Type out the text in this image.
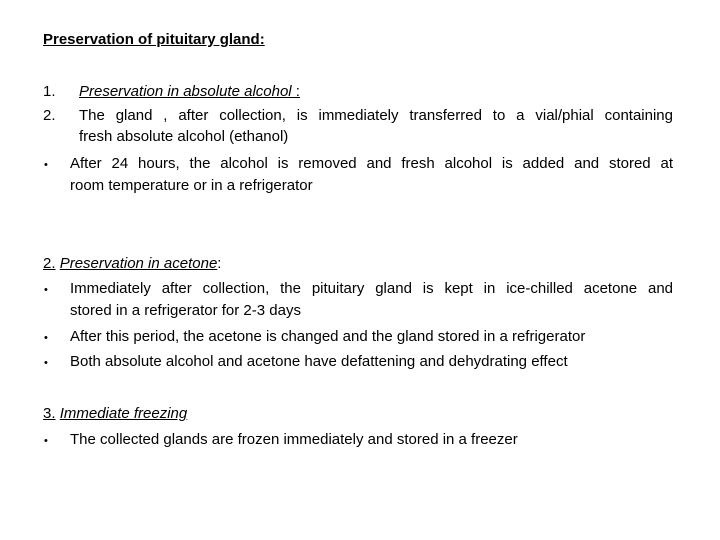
Preservation of pituitary gland:
1. Preservation in absolute alcohol :
2. The gland , after collection, is immediately transferred to a vial/phial containing
fresh absolute alcohol (ethanol)
• After 24 hours, the alcohol is removed and fresh alcohol is added and stored at
room temperature or in a refrigerator
2. Preservation in acetone:
• Immediately after collection, the pituitary gland is kept in ice-chilled acetone and
stored in a refrigerator for 2-3 days
• After this period, the acetone is changed and the gland stored in a refrigerator
• Both absolute alcohol and acetone have defattening and dehydrating effect
3. Immediate freezing
• The collected glands are frozen immediately and stored in a freezer
